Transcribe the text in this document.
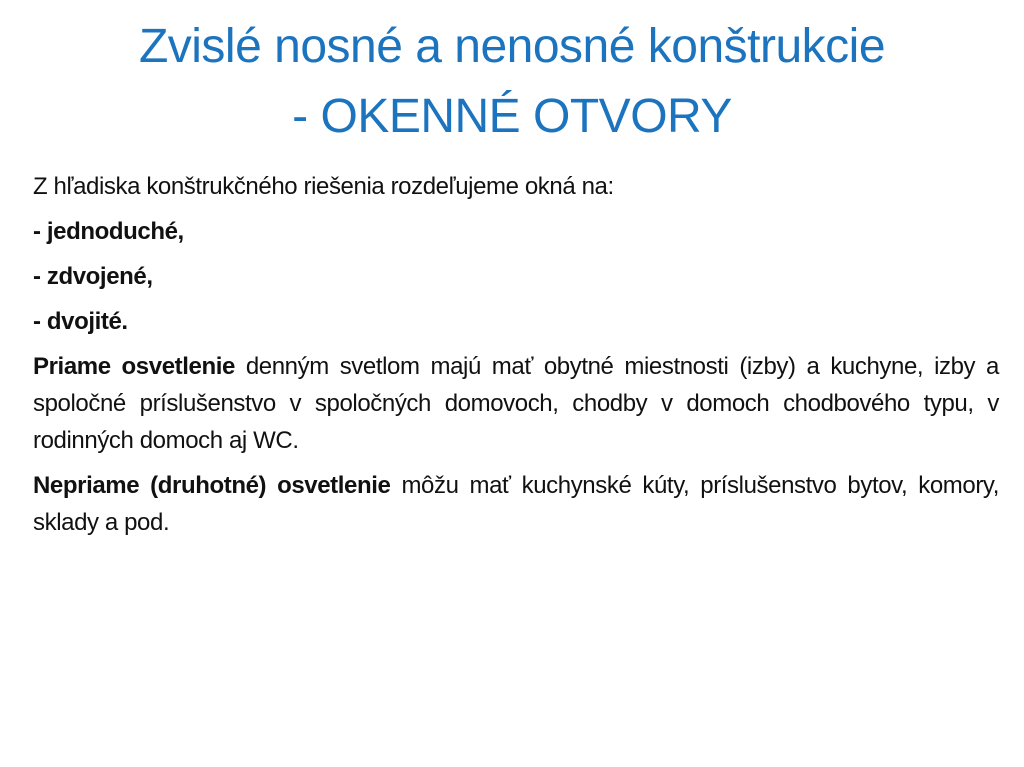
Zvislé nosné a nenosné konštrukcie
- OKENNÉ OTVORY

Z hľadiska konštrukčného riešenia rozdeľujeme okná na:

- jednoduché,

- zdvojené,

- dvojité.

Priame osvetlenie denným svetlom majú mať obytné miestnosti (izby) a kuchyne, izby a spoločné príslušenstvo v spoločných domovoch, chodby v domoch chodbového typu, v rodinných domoch aj WC.

Nepriame (druhotné) osvetlenie môžu mať kuchynské kúty, príslušenstvo bytov, komory, sklady a pod.
